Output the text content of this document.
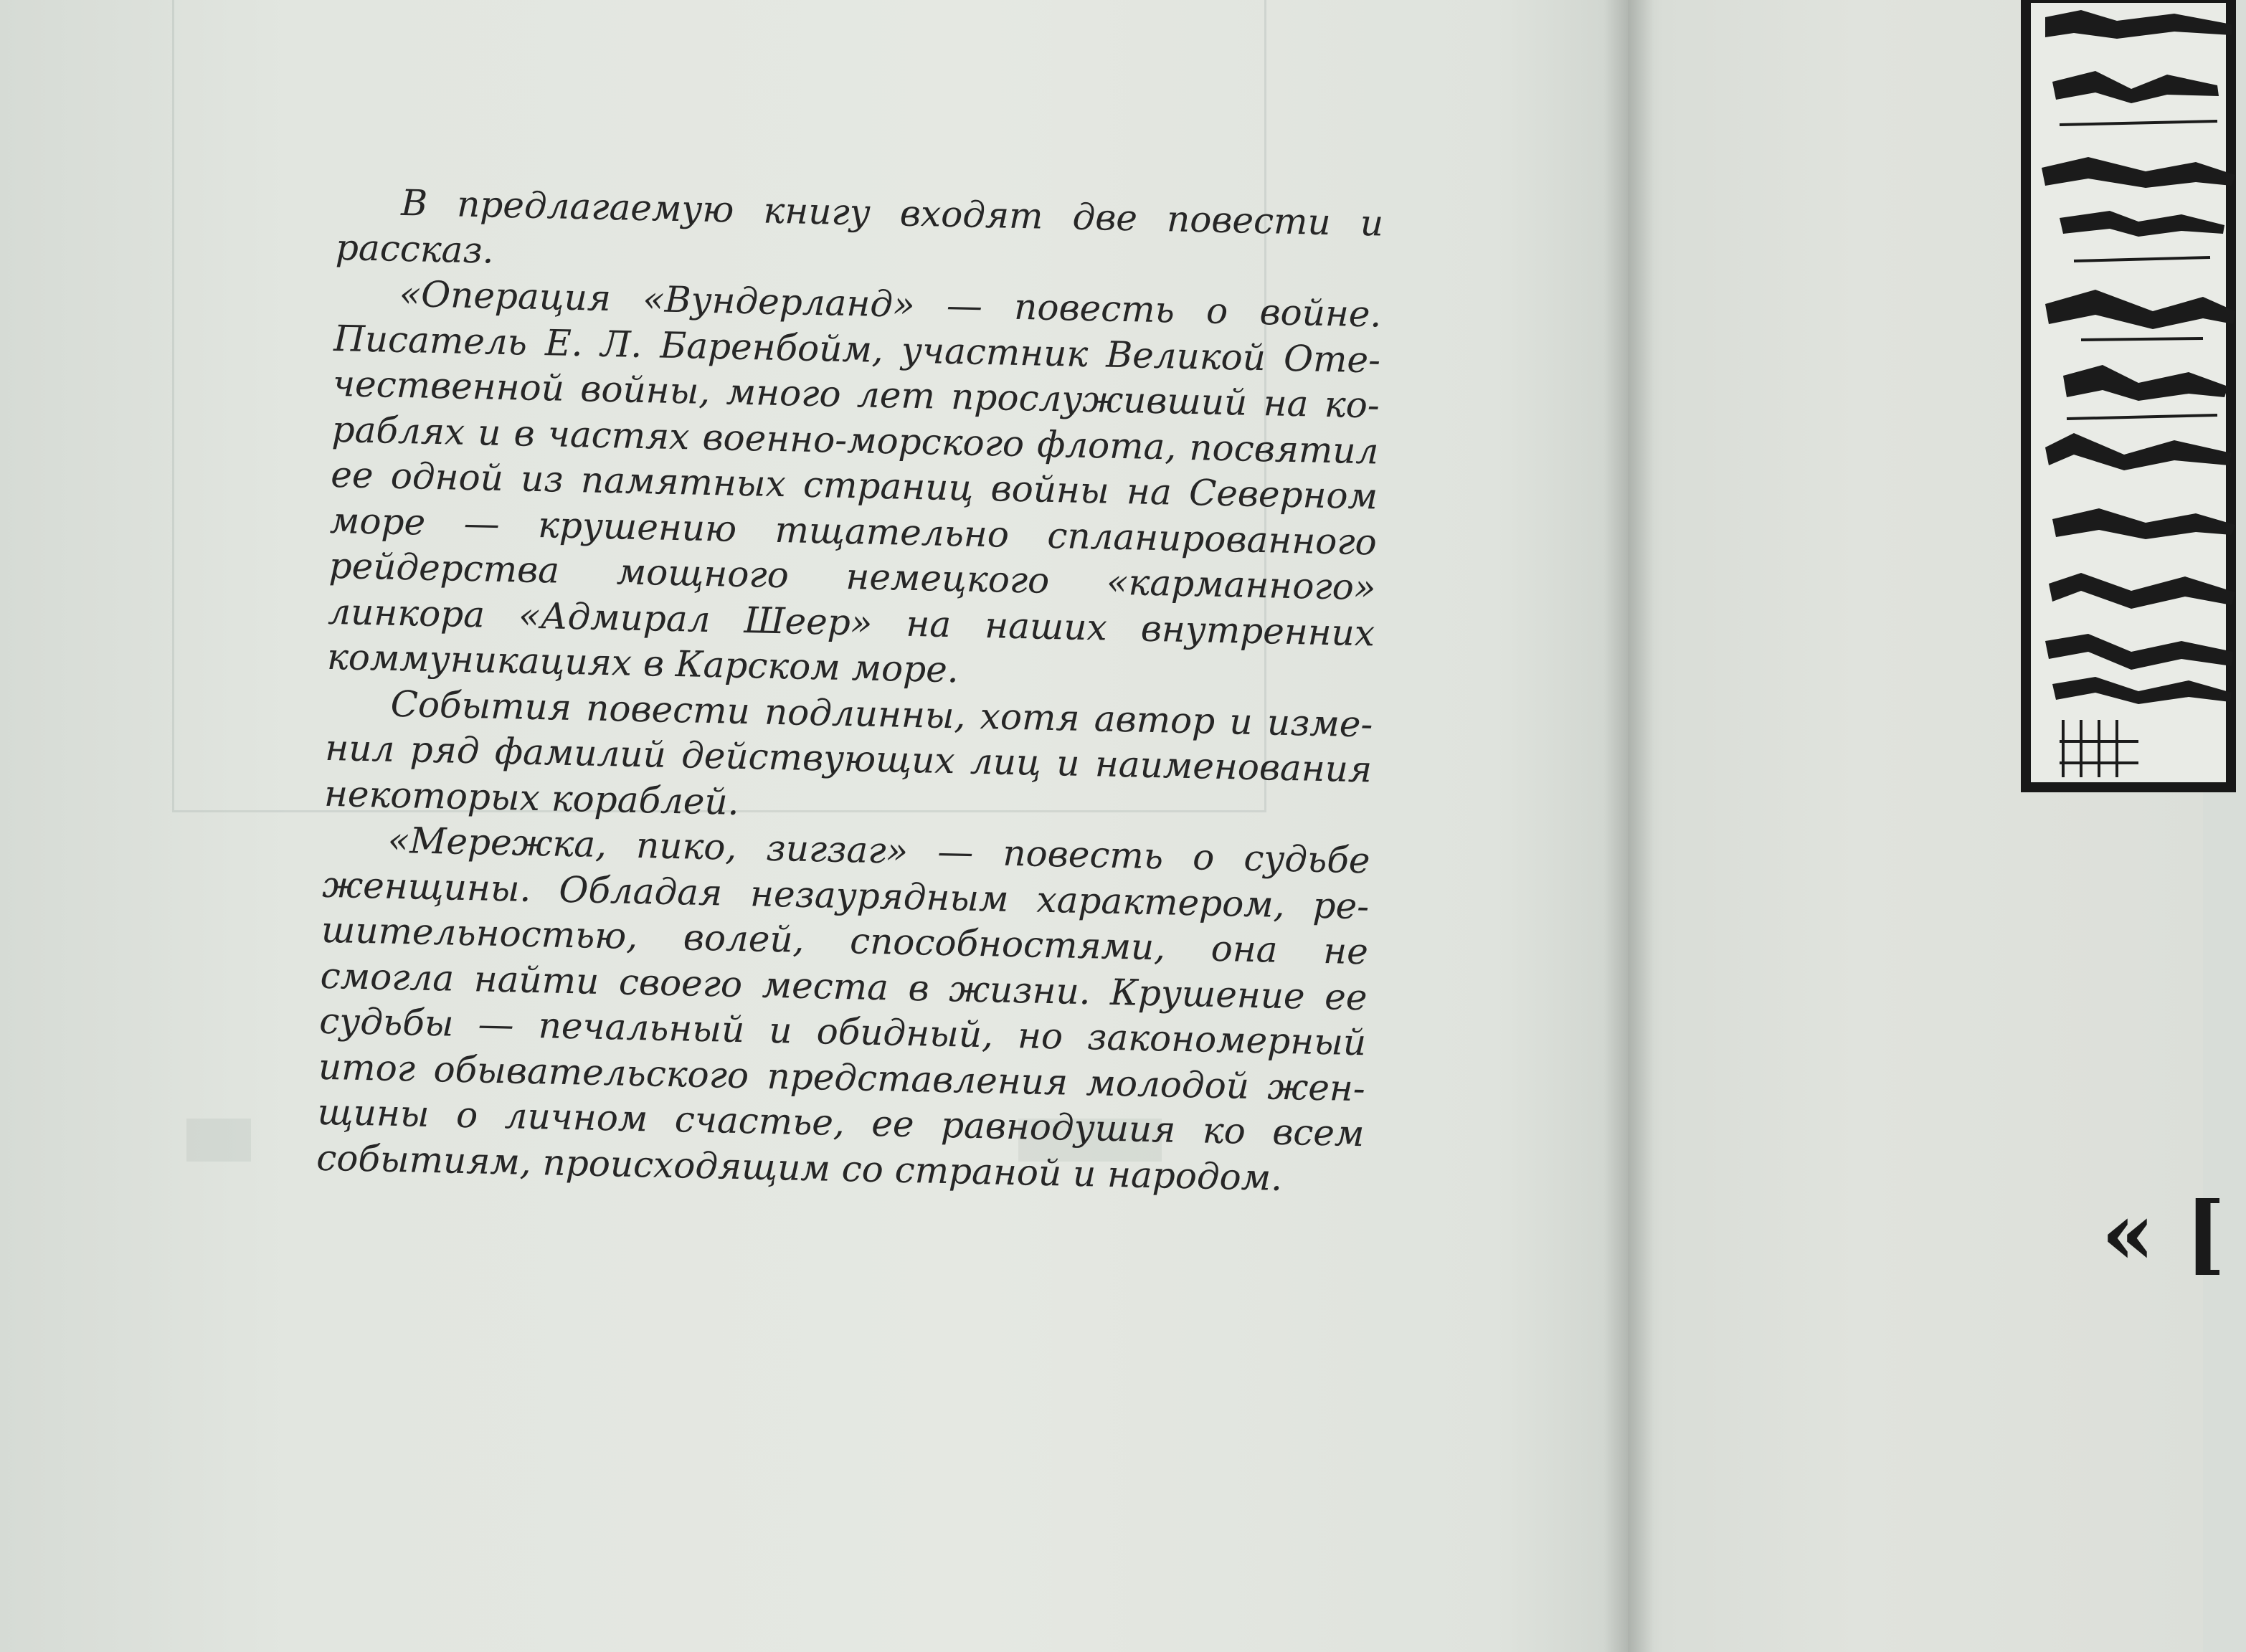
В предлагаемую книгу входят две повести и рассказ.

«Операция «Вундерланд» — повесть о войне. Писатель Е. Л. Баренбойм, участник Великой Отечественной войны, много лет прослуживший на кораблях и в частях военно-морского флота, посвятил ее одной из памятных страниц войны на Северном море — крушению тщательно спланированного рейдерства мощного немецкого «карманного» линкора «Адмирал Шеер» на наших внутренних коммуникациях в Карском море.

События повести подлинны, хотя автор и изменил ряд фамилий действующих лиц и наименования некоторых кораблей.

«Мережка, пико, зигзаг» — повесть о судьбе женщины. Обладая незаурядным характером, решительностью, волей, способностями, она не смогла найти своего места в жизни. Крушение ее судьбы — печальный и обидный, но закономерный итог обывательского представления молодой женщины о личном счастье, ее равнодушия ко всем событиям, происходящим со страной и народом.

« [
